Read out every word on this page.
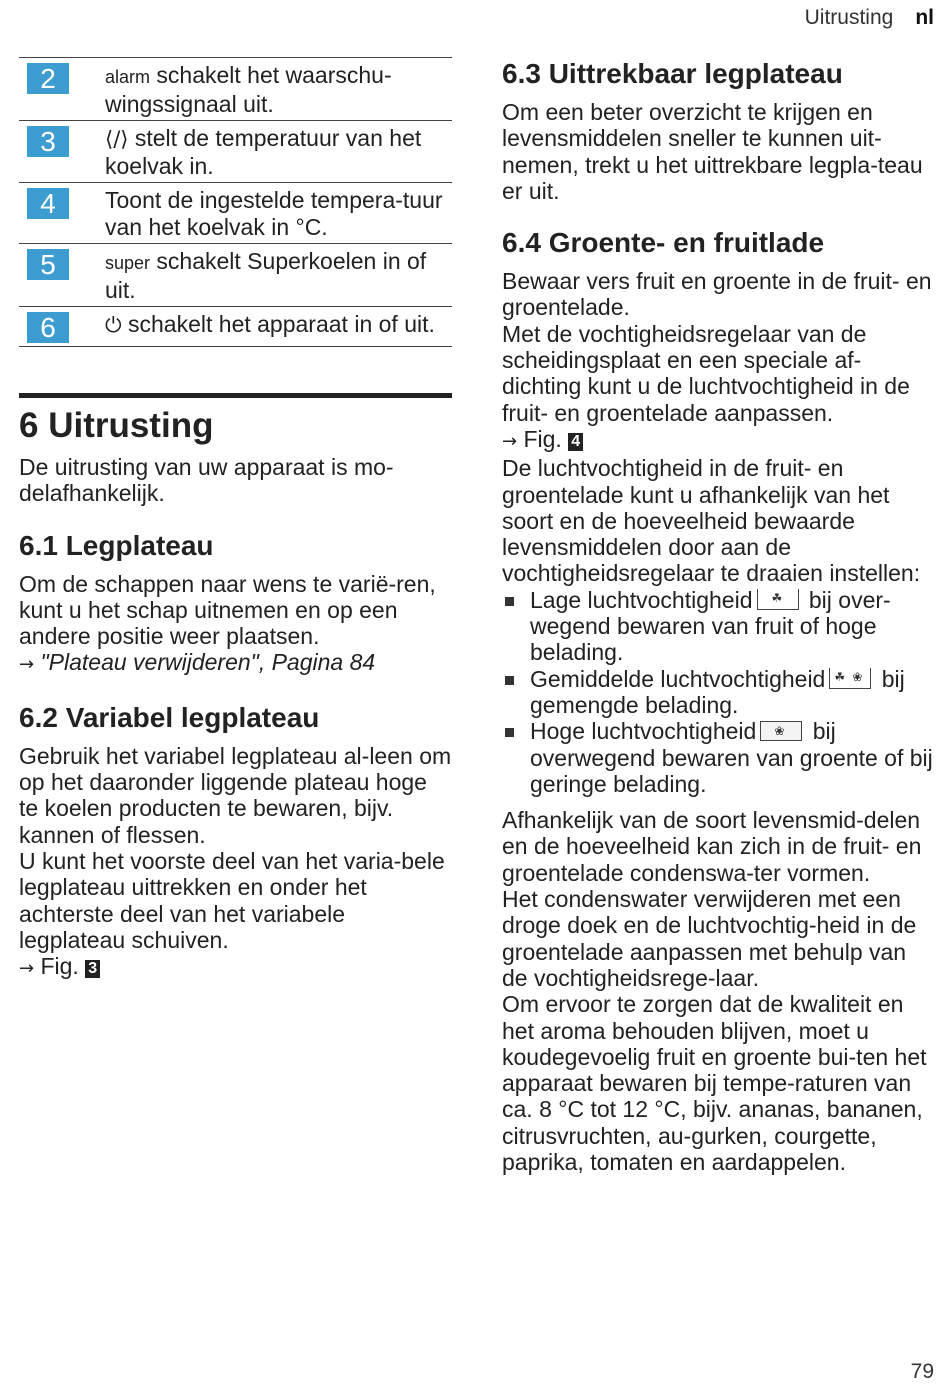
Uitrusting nl
2	alarm schakelt het waarschu-wingssignaal uit.
3	⟨/⟩ stelt de temperatuur van het koelvak in.
4	Toont de ingestelde tempera-tuur van het koelvak in °C.
5	super schakelt Superkoelen in of uit.
6	⏻ schakelt het apparaat in of uit.
6 Uitrusting

De uitrusting van uw apparaat is mo-delafhankelijk.

6.1 Legplateau

Om de schappen naar wens te varië-ren, kunt u het schap uitnemen en op een andere positie weer plaatsen.

→ "Plateau verwijderen", Pagina 84

6.2 Variabel legplateau

Gebruik het variabel legplateau al-leen om op het daaronder liggende plateau hoge te koelen producten te bewaren, bijv. kannen of flessen.

U kunt het voorste deel van het varia-bele legplateau uittrekken en onder het achterste deel van het variabele legplateau schuiven.

→ Fig. 3

6.3 Uittrekbaar legplateau

Om een beter overzicht te krijgen en levensmiddelen sneller te kunnen uit-nemen, trekt u het uittrekbare legpla-teau er uit.

6.4 Groente- en fruitlade

Bewaar vers fruit en groente in de fruit- en groentelade.

Met de vochtigheidsregelaar van de scheidingsplaat en een speciale af-dichting kunt u de luchtvochtigheid in de fruit- en groentelade aanpassen.

→ Fig. 4

De luchtvochtigheid in de fruit- en groentelade kunt u afhankelijk van het soort en de hoeveelheid bewaarde levensmiddelen door aan de vochtigheidsregelaar te draaien instellen:

Lage luchtvochtigheid ☘ bij over-wegend bewaren van fruit of hoge belading.
Gemiddelde luchtvochtigheid ☘ ❀ bij gemengde belading.
Hoge luchtvochtigheid ❀ bij overwegend bewaren van groente of bij geringe belading.

Afhankelijk van de soort levensmid-delen en de hoeveelheid kan zich in de fruit- en groentelade condenswa-ter vormen.

Het condenswater verwijderen met een droge doek en de luchtvochtig-heid in de groentelade aanpassen met behulp van de vochtigheidsrege-laar.

Om ervoor te zorgen dat de kwaliteit en het aroma behouden blijven, moet u koudegevoelig fruit en groente bui-ten het apparaat bewaren bij tempe-raturen van ca. 8 °C tot 12 °C, bijv. ananas, bananen, citrusvruchten, au-gurken, courgette, paprika, tomaten en aardappelen.

79
